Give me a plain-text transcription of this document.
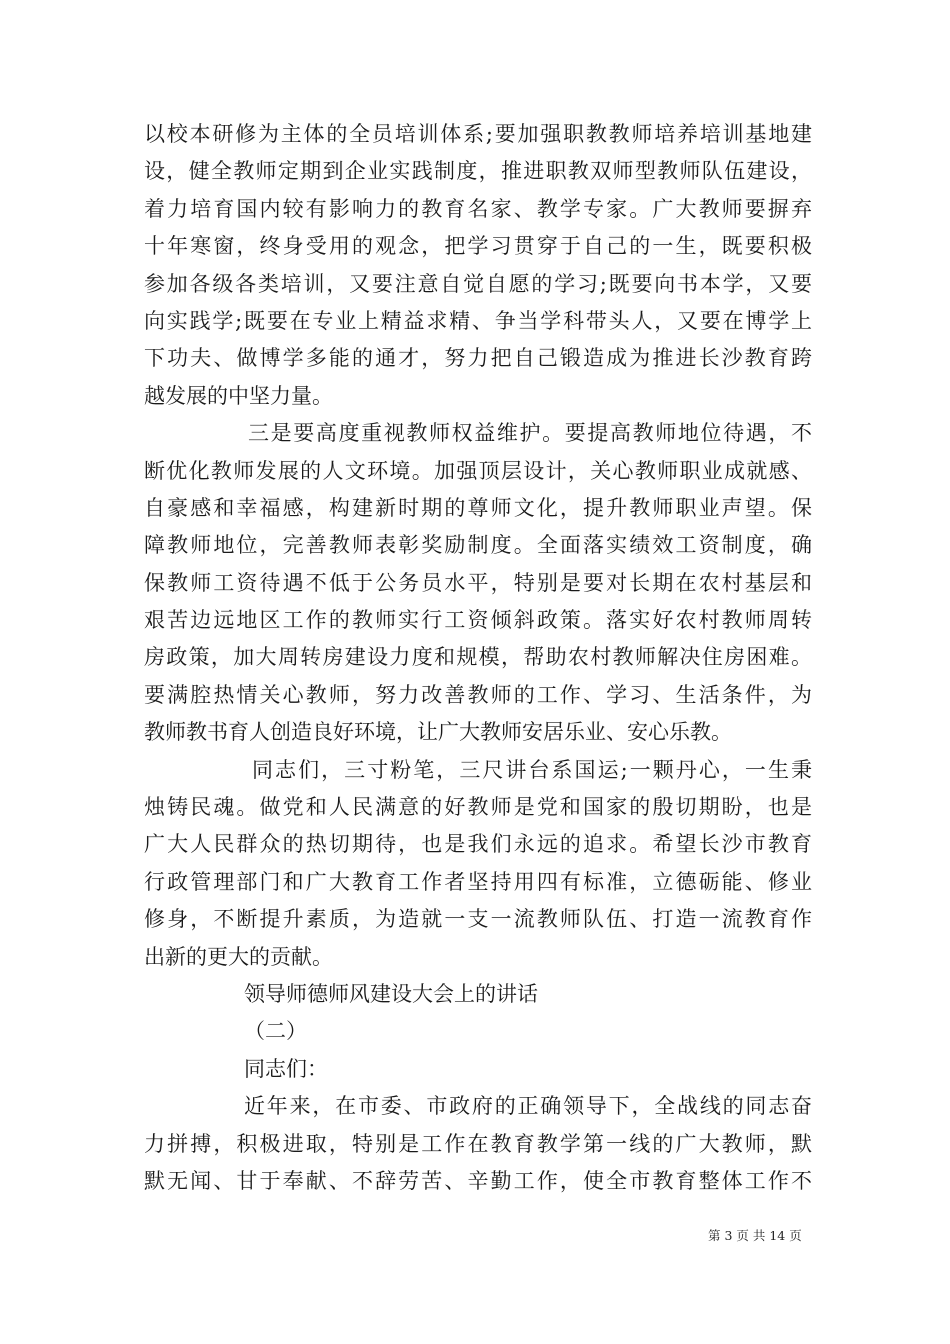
以校本研修为主体的全员培训体系;要加强职教教师培养培训基地建
设，健全教师定期到企业实践制度，推进职教双师型教师队伍建设，
着力培育国内较有影响力的教育名家、教学专家。广大教师要摒弃
十年寒窗，终身受用的观念，把学习贯穿于自己的一生，既要积极
参加各级各类培训，又要注意自觉自愿的学习;既要向书本学，又要
向实践学;既要在专业上精益求精、争当学科带头人，又要在博学上
下功夫、做博学多能的通才，努力把自己锻造成为推进长沙教育跨
越发展的中坚力量。
三是要高度重视教师权益维护。要提高教师地位待遇，不
断优化教师发展的人文环境。加强顶层设计，关心教师职业成就感、
自豪感和幸福感，构建新时期的尊师文化，提升教师职业声望。保
障教师地位，完善教师表彰奖励制度。全面落实绩效工资制度，确
保教师工资待遇不低于公务员水平，特别是要对长期在农村基层和
艰苦边远地区工作的教师实行工资倾斜政策。落实好农村教师周转
房政策，加大周转房建设力度和规模，帮助农村教师解决住房困难。
要满腔热情关心教师，努力改善教师的工作、学习、生活条件，为
教师教书育人创造良好环境，让广大教师安居乐业、安心乐教。
同志们，三寸粉笔，三尺讲台系国运;一颗丹心，一生秉
烛铸民魂。做党和人民满意的好教师是党和国家的殷切期盼，也是
广大人民群众的热切期待，也是我们永远的追求。希望长沙市教育
行政管理部门和广大教育工作者坚持用四有标准，立德砺能、修业
修身，不断提升素质，为造就一支一流教师队伍、打造一流教育作
出新的更大的贡献。
领导师德师风建设大会上的讲话
（二）
同志们：
近年来，在市委、市政府的正确领导下，全战线的同志奋
力拼搏，积极进取，特别是工作在教育教学第一线的广大教师，默
默无闻、甘于奉献、不辞劳苦、辛勤工作，使全市教育整体工作不
第 3 页 共 14 页
